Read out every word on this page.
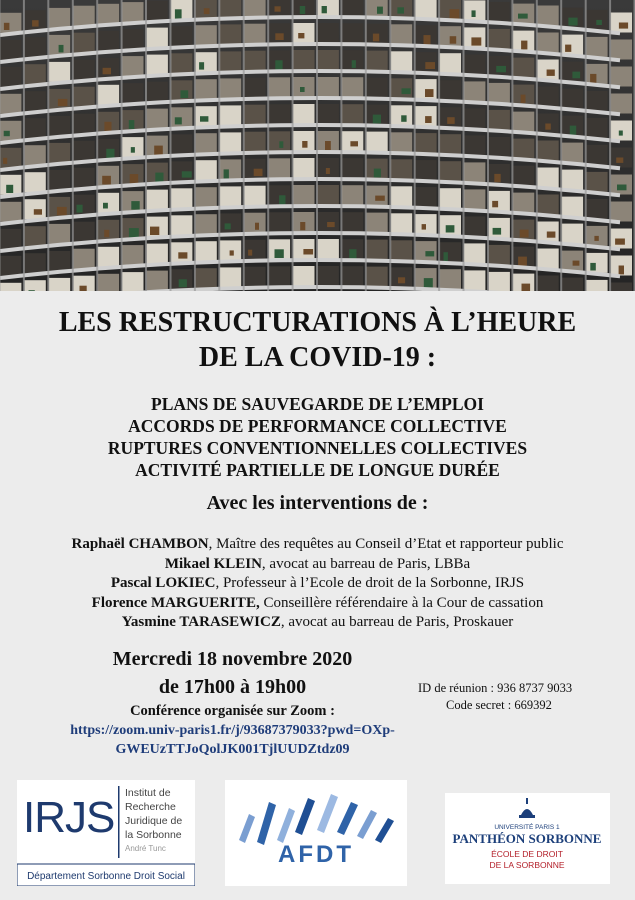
LES RESTRUCTURATIONS À L’HEURE
DE LA COVID-19 :
PLANS DE SAUVEGARDE DE L’EMPLOI
ACCORDS DE PERFORMANCE COLLECTIVE
RUPTURES CONVENTIONNELLES COLLECTIVES
ACTIVITÉ PARTIELLE DE LONGUE DURÉE
Avec les interventions de :
Raphaël CHAMBON, Maître des requêtes au Conseil d’Etat et rapporteur public
Mikael KLEIN, avocat au barreau de Paris, LBBa
Pascal LOKIEC, Professeur à l’Ecole de droit de la Sorbonne, IRJS
Florence MARGUERITE, Conseillère référendaire à la Cour de cassation
Yasmine TARASEWICZ, avocat au barreau de Paris, Proskauer
Mercredi 18 novembre 2020
de 17h00 à 19h00	ID de réunion : 936 8737 9033
Code secret : 669392
Conférence organisée sur Zoom :
https://zoom.univ-paris1.fr/j/93687379033?pwd=OXp-
GWEUzTTJoQolJK001TjlUUDZtdz09
IRJS Institut de
Recherche
Juridique de
la Sorbonne
André Tunc
Département Sorbonne Droit Social
AFDT
UNIVERSITÉ PARIS 1
PANTHÉON SORBONNE
ÉCOLE DE DROIT
DE LA SORBONNE
